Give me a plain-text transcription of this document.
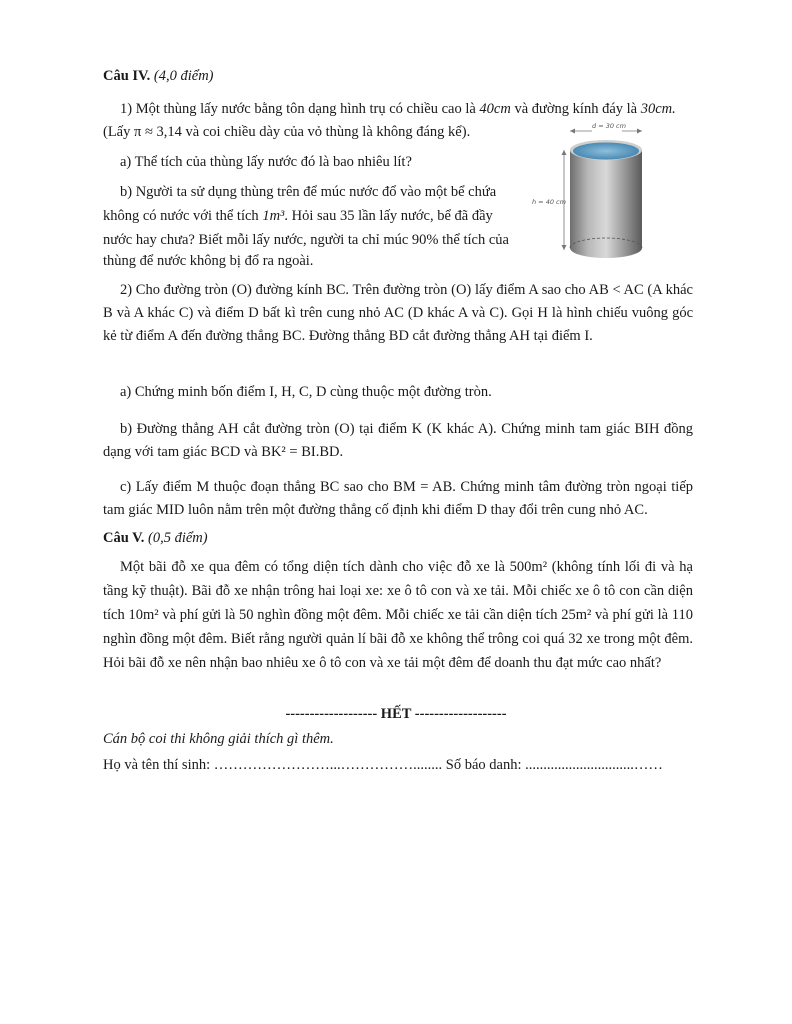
Câu IV. (4,0 điểm)
1) Một thùng lấy nước bằng tôn dạng hình trụ có chiều cao là 40cm và đường kính đáy là 30cm.
(Lấy π ≈ 3,14 và coi chiều dày của vỏ thùng là không đáng kể).
a) Thể tích của thùng lấy nước đó là bao nhiêu lít?
b) Người ta sử dụng thùng trên để múc nước đổ vào một bể chứa
không có nước với thể tích 1m³. Hỏi sau 35 lần lấy nước, bể đã đầy
nước hay chưa? Biết mỗi lấy nước, người ta chỉ múc 90% thể tích của
thùng để nước không bị đổ ra ngoài.
d = 30 cm
h = 40 cm
2) Cho đường tròn (O) đường kính BC. Trên đường tròn (O) lấy điểm A sao cho AB < AC (A khác B và A khác C) và điểm D bất kì trên cung nhỏ AC (D khác A và C). Gọi H là hình chiếu vuông góc kẻ từ điểm A đến đường thẳng BC. Đường thẳng BD cắt đường thẳng AH tại điểm I.
a) Chứng minh bốn điểm I, H, C, D cùng thuộc một đường tròn.
b) Đường thẳng AH cắt đường tròn (O) tại điểm K (K khác A). Chứng minh tam giác BIH đồng dạng với tam giác BCD và BK² = BI.BD.
c) Lấy điểm M thuộc đoạn thẳng BC sao cho BM = AB. Chứng minh tâm đường tròn ngoại tiếp tam giác MID luôn nằm trên một đường thẳng cố định khi điểm D thay đổi trên cung nhỏ AC.
Câu V. (0,5 điểm)
Một bãi đỗ xe qua đêm có tổng diện tích dành cho việc đỗ xe là 500m² (không tính lối đi và hạ tầng kỹ thuật). Bãi đỗ xe nhận trông hai loại xe: xe ô tô con và xe tải. Mỗi chiếc xe ô tô con cần diện tích 10m² và phí gửi là 50 nghìn đồng một đêm. Mỗi chiếc xe tải cần diện tích 25m² và phí gửi là 110 nghìn đồng một đêm. Biết rằng người quản lí bãi đỗ xe không thể trông coi quá 32 xe trong một đêm. Hỏi bãi đỗ xe nên nhận bao nhiêu xe ô tô con và xe tải một đêm để doanh thu đạt mức cao nhất?
------------------- HẾT -------------------
Cán bộ coi thi không giải thích gì thêm.
Họ và tên thí sinh: ……………………...……………........ Số báo danh: ..............................……
